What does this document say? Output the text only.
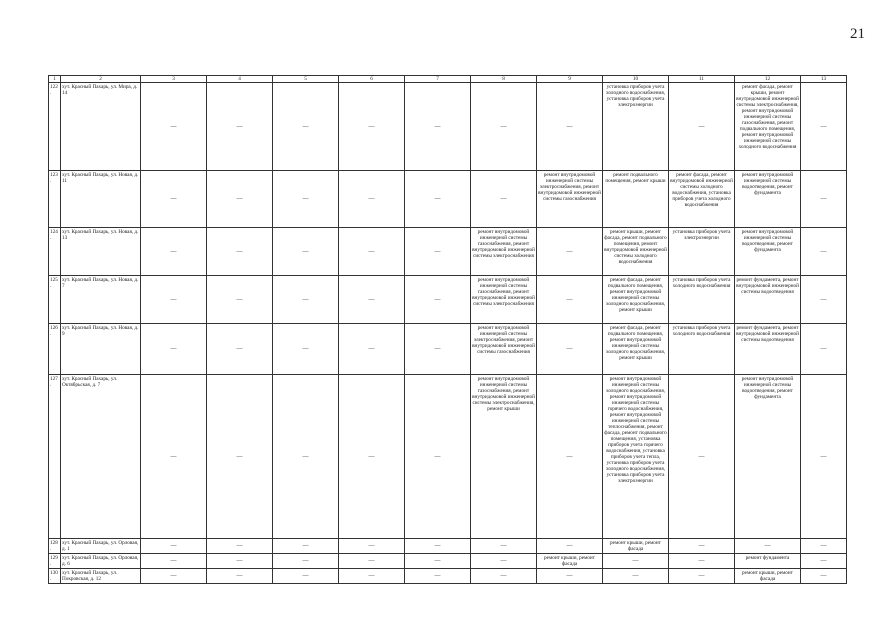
21
1	2	3	4	5	6	7	8	9	10	11	12	13
122.	хут. Красный Пахарь, ул. Мира, д. 14	—	—	—	—	—	—	—	установка приборов учета холодного водоснабжения, установка приборов учета электроэнергии	—	ремонт фасада, ремонт крыши, ремонт внутридомовой инженерной системы электроснабжения, ремонт внутридомовой инженерной системы газоснабжения, ремонт подвального помещения, ремонт внутридомовой инженерной системы холодного водоснабжения	—
123.	хут. Красный Пахарь, ул. Новая, д. 11	—	—	—	—	—	—	ремонт внутридомовой инженерной системы электроснабжения, ремонт внутридомовой инженерной системы газоснабжения	ремонт подвального помещения, ремонт крыши	ремонт фасада, ремонт внутридомовой инженерной системы холодного водоснабжения, установка приборов учета холодного водоснабжения	ремонт внутридомовой инженерной системы водоотведения, ремонт фундамента	—
124.	хут. Красный Пахарь, ул. Новая, д. 13	—	—	—	—	—	ремонт внутридомовой инженерной системы газоснабжения, ремонт внутридомовой инженерной системы электроснабжения	—	ремонт крыши, ремонт фасада, ремонт подвального помещения, ремонт внутридомовой инженерной системы холодного водоснабжения	установка приборов учета электроэнергии	ремонт внутридомовой инженерной системы водоотведения, ремонт фундамента	—
125.	хут. Красный Пахарь, ул. Новая, д. 7	—	—	—	—	—	ремонт внутридомовой инженерной системы газоснабжения, ремонт внутридомовой инженерной системы электроснабжения	—	ремонт фасада, ремонт подвального помещения, ремонт внутридомовой инженерной системы холодного водоснабжения, ремонт крыши	установка приборов учета холодного водоснабжения	ремонт фундамента, ремонт внутридомовой инженерной системы водоотведения	—
126.	хут. Красный Пахарь, ул. Новая, д. 9	—	—	—	—	—	ремонт внутридомовой инженерной системы электроснабжения, ремонт внутридомовой инженерной системы газоснабжения	—	ремонт фасада, ремонт подвального помещения, ремонт внутридомовой инженерной системы холодного водоснабжения, ремонт крыши	установка приборов учета холодного водоснабжения	ремонт фундамента, ремонт внутридомовой инженерной системы водоотведения	—
127.	хут. Красный Пахарь, ул. Октябрьская, д. 7	—	—	—	—	—	ремонт внутридомовой инженерной системы газоснабжения, ремонт внутридомовой инженерной системы электроснабжения, ремонт крыши	—	ремонт внутридомовой инженерной системы холодного водоснабжения, ремонт внутридомовой инженерной системы горячего водоснабжения, ремонт внутридомовой инженерной системы теплоснабжения, ремонт фасада, ремонт подвального помещения, установка приборов учета горячего водоснабжения, установка приборов учета тепла, установка приборов учета холодного водоснабжения, установка приборов учета электроэнергии	—	ремонт внутридомовой инженерной системы водоотведения, ремонт фундамента	—
128.	хут. Красный Пахарь, ул. Орловая, д. 1	—	—	—	—	—	—	—	ремонт крыши, ремонт фасада	—	—	—
129.	хут. Красный Пахарь, ул. Орловая, д. 6	—	—	—	—	—	—	ремонт крыши, ремонт фасада	—	—	ремонт фундамента	—
130.	хут. Красный Пахарь, ул. Покровская, д. 12	—	—	—	—	—	—	—	—	—	ремонт крыши, ремонт фасада	—
